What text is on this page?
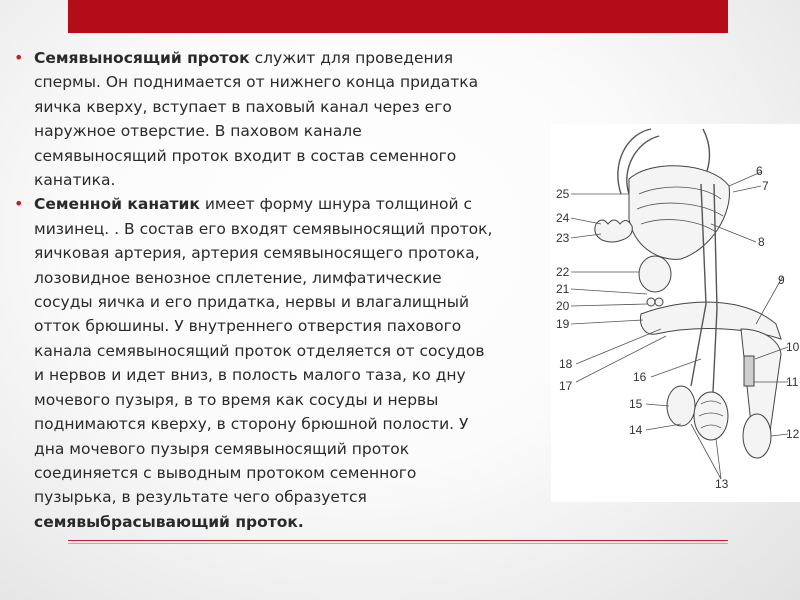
• Семявыносящий проток служит для проведения
спермы. Он поднимается от нижнего конца придатка
яичка кверху, вступает в паховый канал через его
наружное отверстие. В паховом канале
семявыносящий проток входит в состав семенного
канатика.

• Семенной канатик имеет форму шнура толщиной с
мизинец. . В состав его входят семявыносящий проток,
яичковая артерия, артерия семявыносящего протока,
лозовидное венозное сплетение, лимфатические
сосуды яичка и его придатка, нервы и влагалищный
отток брюшины. У внутреннего отверстия пахового
канала семявыносящий проток отделяется от сосудов
и нервов и идет вниз, в полость малого таза, ко дну
мочевого пузыря, в то время как сосуды и нервы
поднимаются кверху, в сторону брюшной полости. У
дна мочевого пузыря семявыносящий проток
соединяется с выводным протоком семенного
пузырька, в результате чего образуется
семявыбрасывающий проток.

25
24
23
22
21
20
19
18
17
16
15
14
13
12
11
10
9
8
7
6
